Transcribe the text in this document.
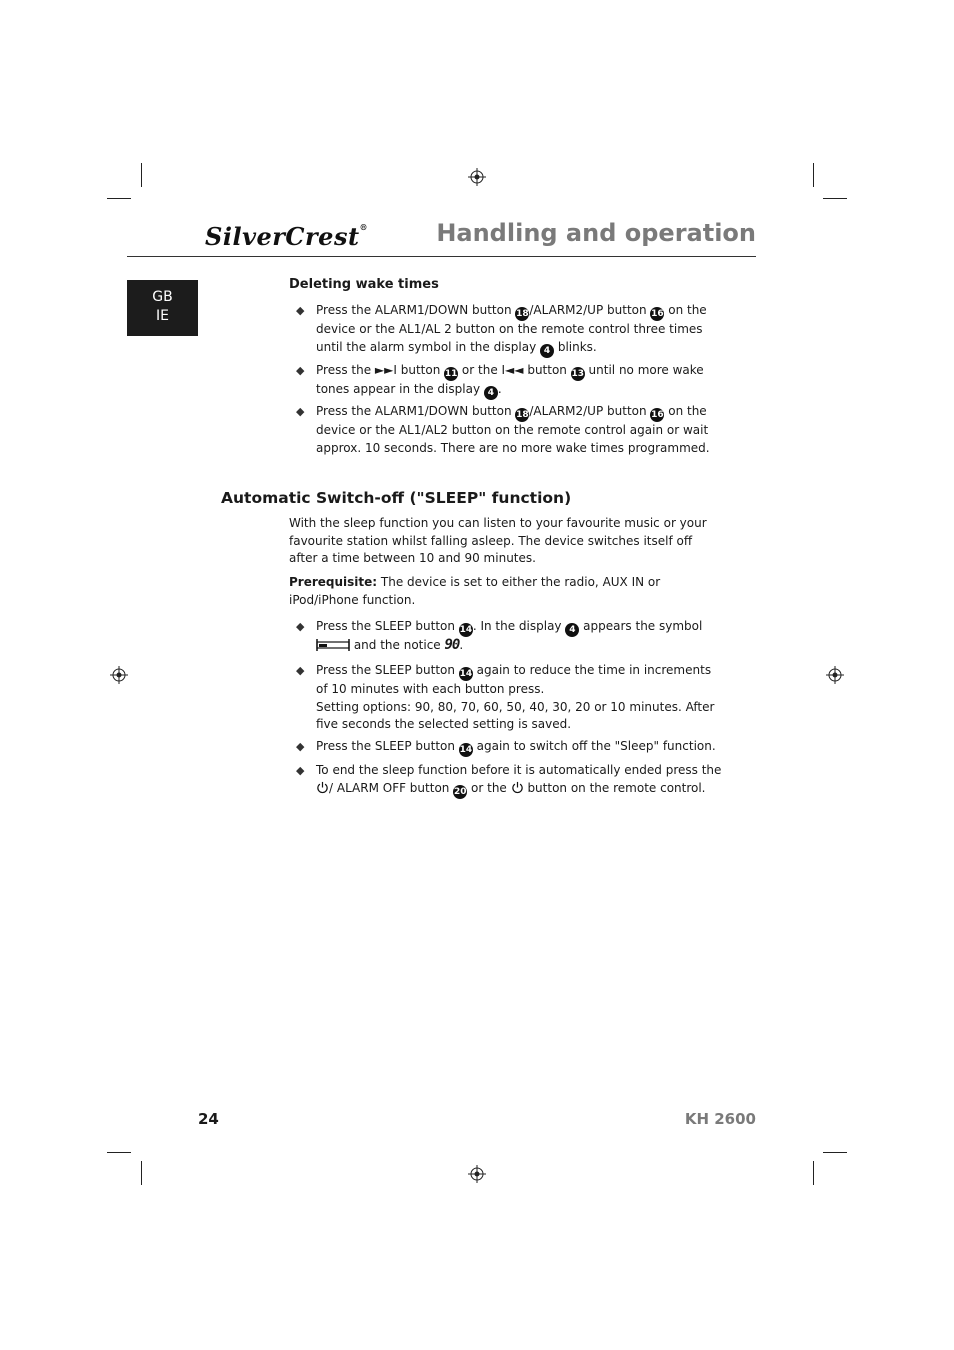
SilverCrest®	Handling and operation
GB
IE
Deleting wake times
◆ Press the ALARM1/DOWN button 18/ALARM2/UP button 16 on the device or the AL1/AL 2 button on the remote control three times until the alarm symbol in the display 4 blinks.
◆ Press the ►►I button 11 or the I◄◄ button 13 until no more wake tones appear in the display 4 .
◆ Press the ALARM1/DOWN button 18/ALARM2/UP button 16 on the device or the AL1/AL2 button on the remote control again or wait approx. 10 seconds. There are no more wake times programmed.
Automatic Switch-off ("SLEEP" function)
With the sleep function you can listen to your favourite music or your favourite station whilst falling asleep. The device switches itself off after a time between 10 and 90 minutes.
Prerequisite: The device is set to either the radio, AUX IN or iPod/iPhone function.
◆ Press the SLEEP button 14. In the display 4 appears the symbol  and the notice 90.
◆ Press the SLEEP button 14 again to reduce the time in increments of 10 minutes with each button press.
Setting options: 90, 80, 70, 60, 50, 40, 30, 20 or 10 minutes. After five seconds the selected setting is saved.
◆ Press the SLEEP button 14 again to switch off the "Sleep" function.
◆ To end the sleep function before it is automatically ended press the / ALARM OFF button 20 or the  button on the remote control.
24	KH 2600
